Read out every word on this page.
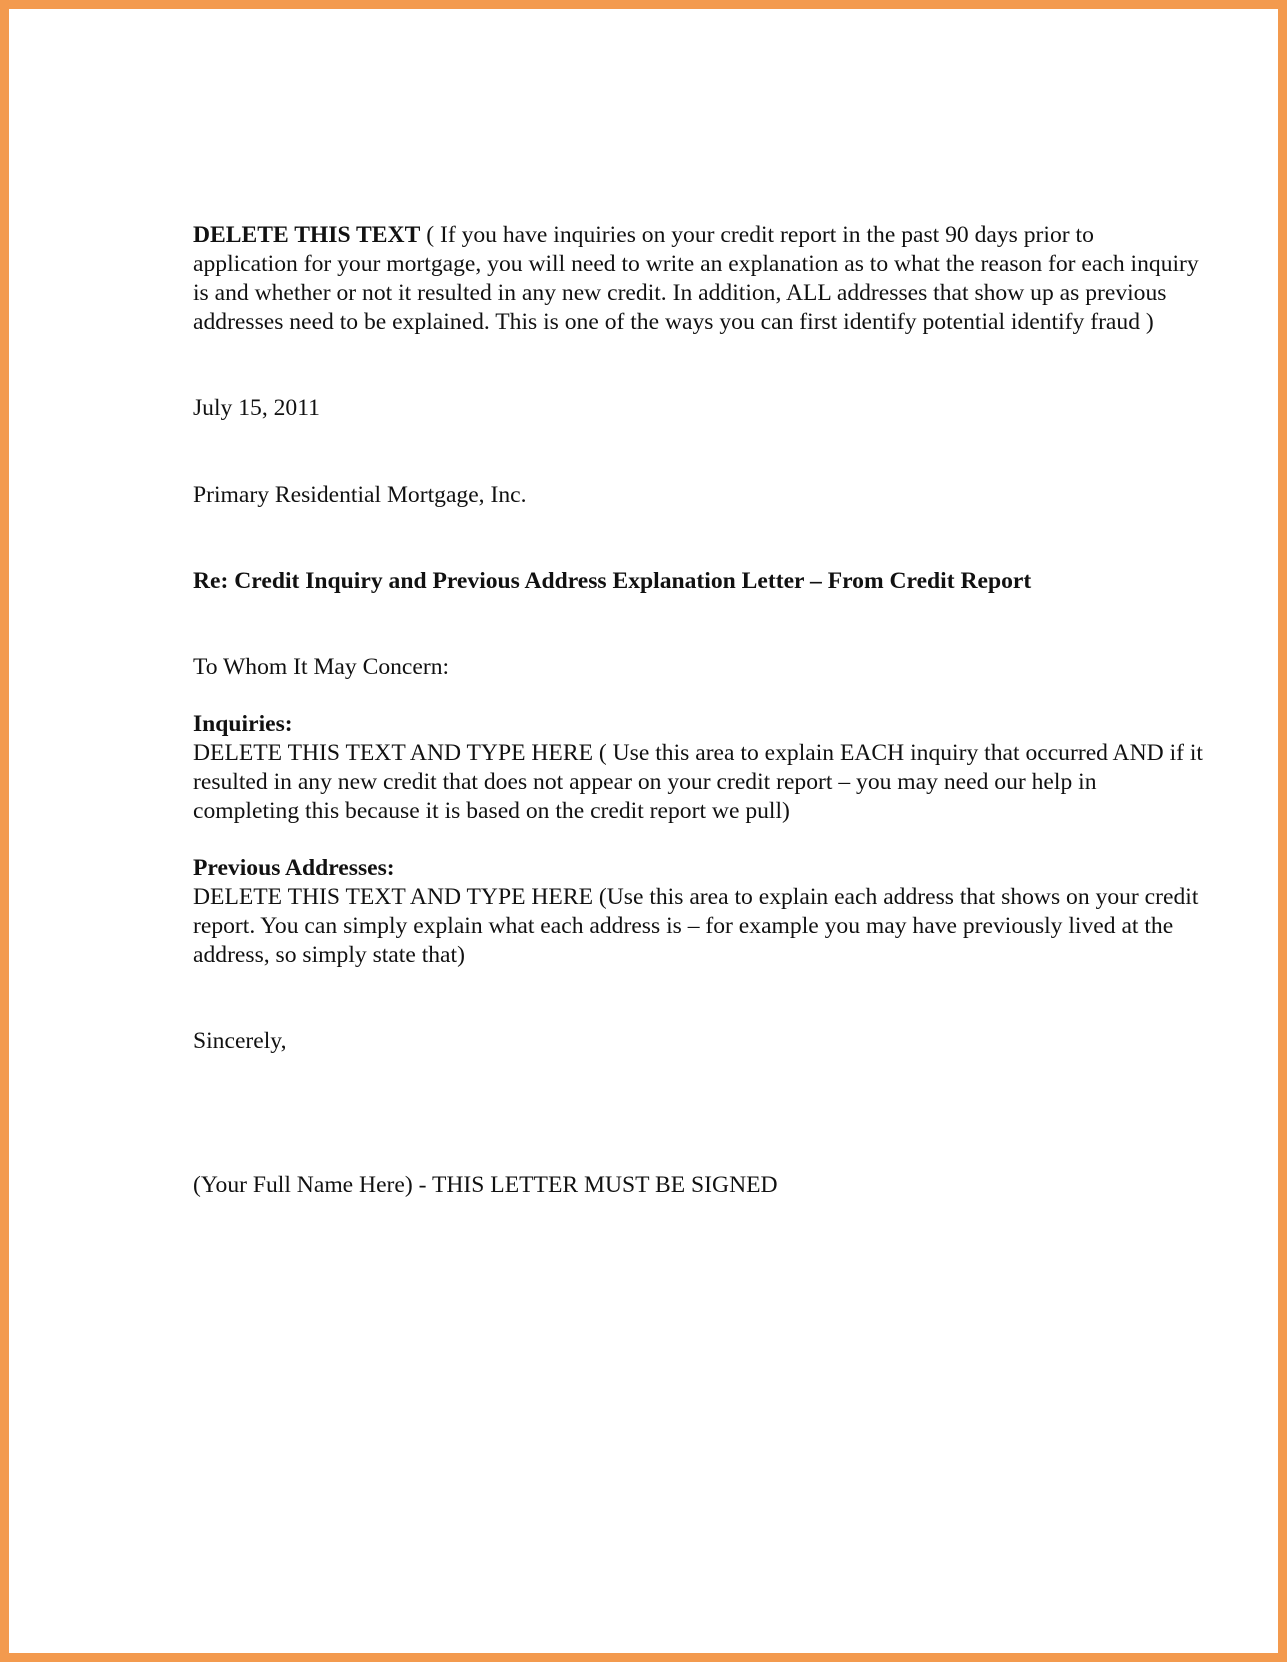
DELETE THIS TEXT ( If you have inquiries on your credit report in the past 90 days prior to application for your mortgage, you will need to write an explanation as to what the reason for each inquiry is and whether or not it resulted in any new credit. In addition, ALL addresses that show up as previous addresses need to be explained. This is one of the ways you can first identify potential identify fraud )

July 15, 2011

Primary Residential Mortgage, Inc.

Re: Credit Inquiry and Previous Address Explanation Letter – From Credit Report

To Whom It May Concern:

Inquiries:

DELETE THIS TEXT AND TYPE HERE ( Use this area to explain EACH inquiry that occurred AND if it resulted in any new credit that does not appear on your credit report – you may need our help in completing this because it is based on the credit report we pull)

Previous Addresses:

DELETE THIS TEXT AND TYPE HERE (Use this area to explain each address that shows on your credit report. You can simply explain what each address is – for example you may have previously lived at the address, so simply state that)

Sincerely,

(Your Full Name Here) - THIS LETTER MUST BE SIGNED
